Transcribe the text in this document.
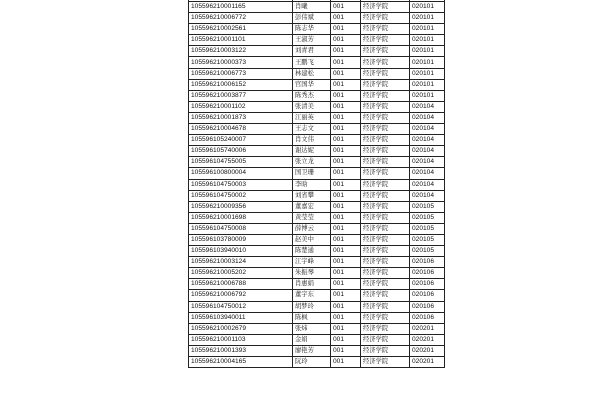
105596210001165	肖曦	001	经济学院	020101
105596210006772	彭伟斌	001	经济学院	020101
105596210002561	陈志华	001	经济学院	020101
105596210001101	王淑芳	001	经济学院	020101
105596210003122	刘青君	001	经济学院	020101
105596210000373	王鹏飞	001	经济学院	020101
105596210006773	林建松	001	经济学院	020101
105596210006152	官国华	001	经济学院	020101
105596210003877	陈秀杰	001	经济学院	020101
105596210001102	张清美	001	经济学院	020104
105596210001873	江丽英	001	经济学院	020104
105596210004678	王志文	001	经济学院	020104
105596105240007	肖文伟	001	经济学院	020104
105596105740006	谢达妮	001	经济学院	020104
105596104755005	张立龙	001	经济学院	020104
105596100800004	国卫珊	001	经济学院	020104
105596104750003	李晗	001	经济学院	020104
105596104750002	刘省攀	001	经济学院	020104
105596210009356	董嘉宏	001	经济学院	020105
105596210001698	黄莹莹	001	经济学院	020105
105596104750008	薛博云	001	经济学院	020105
105596103780009	赵美中	001	经济学院	020105
105596103940010	陈楚通	001	经济学院	020105
105596210003124	江宇峰	001	经济学院	020106
105596210005202	朱振琴	001	经济学院	020106
105596210006788	肖惠娟	001	经济学院	020106
105596210006792	董宇东	001	经济学院	020106
105596104750012	胡梦玲	001	经济学院	020106
105596103940011	陈枫	001	经济学院	020106
105596210002679	张炜	001	经济学院	020201
105596210001103	金娟	001	经济学院	020201
105596210001393	廖艳芳	001	经济学院	020201
105596210004165	阮玲	001	经济学院	020201
